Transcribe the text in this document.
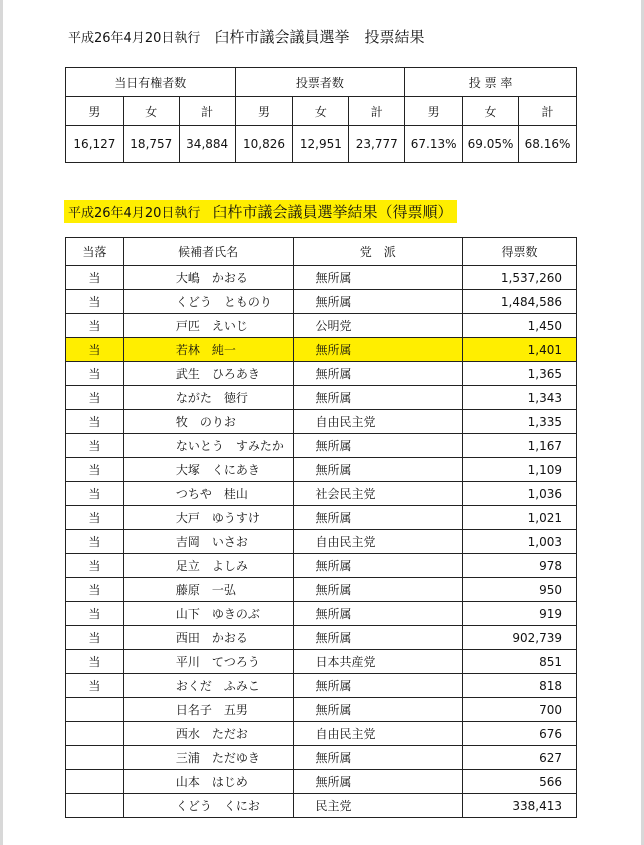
平成26年4月20日執行 臼杵市議会議員選挙　投票結果
当日有権者数			投票者数			投 票 率		
男	女	計	男	女	計	男	女	計
16,127	18,757	34,884	10,826	12,951	23,777	67.13%	69.05%	68.16%
平成26年4月20日執行 臼杵市議会議員選挙結果（得票順）
当落	候補者氏名	党　派	得票数
当	大嶋　かおる	無所属	1,537,260
当	くどう　とものり	無所属	1,484,586
当	戸匹　えいじ	公明党	1,450
当	若林　純一	無所属	1,401
当	武生　ひろあき	無所属	1,365
当	ながた　徳行	無所属	1,343
当	牧　のりお	自由民主党	1,335
当	ないとう　すみたか	無所属	1,167
当	大塚　くにあき	無所属	1,109
当	つちや　桂山	社会民主党	1,036
当	大戸　ゆうすけ	無所属	1,021
当	吉岡　いさお	自由民主党	1,003
当	足立　よしみ	無所属	978
当	藤原　一弘	無所属	950
当	山下　ゆきのぶ	無所属	919
当	西田　かおる	無所属	902,739
当	平川　てつろう	日本共産党	851
当	おくだ　ふみこ	無所属	818
	日名子　五男	無所属	700
	西水　ただお	自由民主党	676
	三浦　ただゆき	無所属	627
	山本　はじめ	無所属	566
	くどう　くにお	民主党	338,413
